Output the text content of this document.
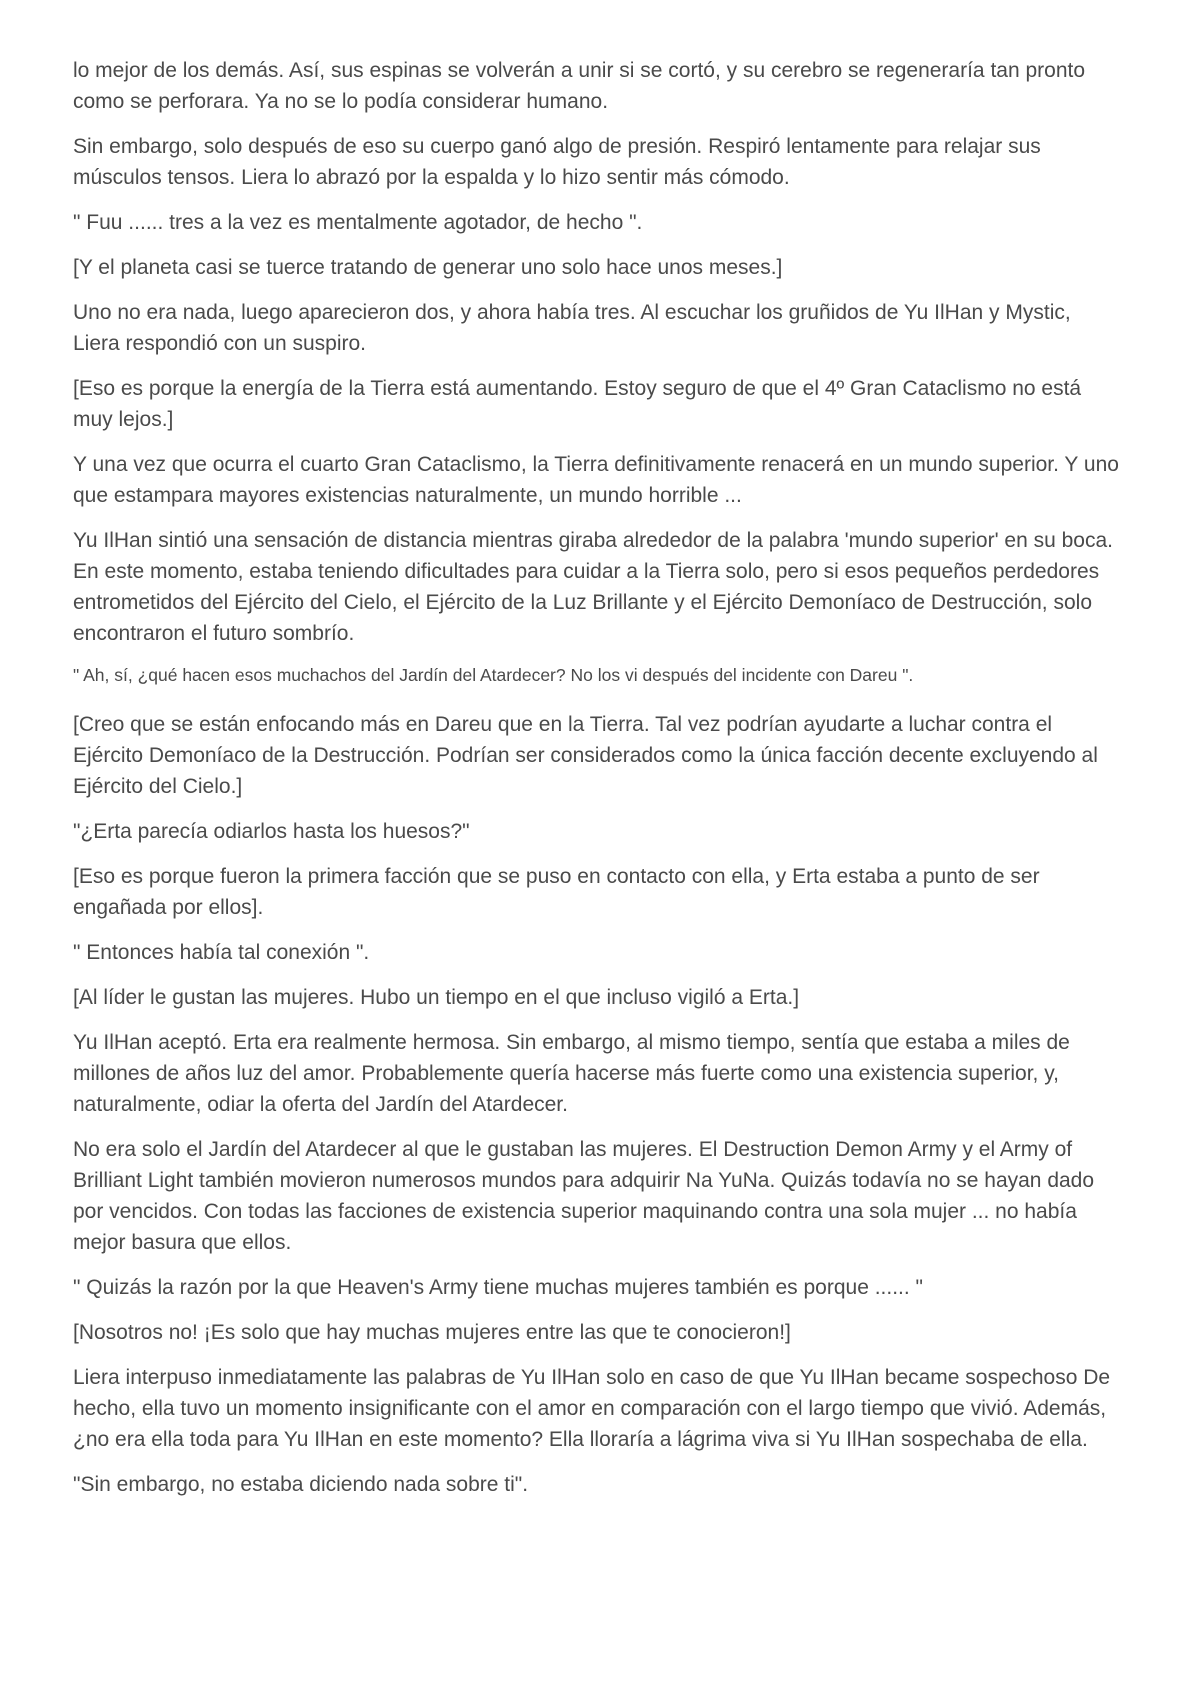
lo mejor de los demás. Así, sus espinas se volverán a unir si se cortó, y su cerebro se regeneraría tan pronto como se perforara. Ya no se lo podía considerar humano.

Sin embargo, solo después de eso su cuerpo ganó algo de presión. Respiró lentamente para relajar sus músculos tensos. Liera lo abrazó por la espalda y lo hizo sentir más cómodo.

" Fuu ...... tres a la vez es mentalmente agotador, de hecho ".

[Y el planeta casi se tuerce tratando de generar uno solo hace unos meses.]

Uno no era nada, luego aparecieron dos, y ahora había tres. Al escuchar los gruñidos de Yu IlHan y Mystic, Liera respondió con un suspiro.

[Eso es porque la energía de la Tierra está aumentando. Estoy seguro de que el 4º Gran Cataclismo no está muy lejos.]

Y una vez que ocurra el cuarto Gran Cataclismo, la Tierra definitivamente renacerá en un mundo superior. Y uno que estampara mayores existencias naturalmente, un mundo horrible ...

Yu IlHan sintió una sensación de distancia mientras giraba alrededor de la palabra 'mundo superior' en su boca. En este momento, estaba teniendo dificultades para cuidar a la Tierra solo, pero si esos pequeños perdedores entrometidos del Ejército del Cielo, el Ejército de la Luz Brillante y el Ejército Demoníaco de Destrucción, solo encontraron el futuro sombrío.

" Ah, sí, ¿qué hacen esos muchachos del Jardín del Atardecer? No los vi después del incidente con Dareu ".

[Creo que se están enfocando más en Dareu que en la Tierra. Tal vez podrían ayudarte a luchar contra el Ejército Demoníaco de la Destrucción. Podrían ser considerados como la única facción decente excluyendo al Ejército del Cielo.]

"¿Erta parecía odiarlos hasta los huesos?"

[Eso es porque fueron la primera facción que se puso en contacto con ella, y Erta estaba a punto de ser engañada por ellos].

" Entonces había tal conexión ".

[Al líder le gustan las mujeres. Hubo un tiempo en el que incluso vigiló a Erta.]

Yu IlHan aceptó. Erta era realmente hermosa. Sin embargo, al mismo tiempo, sentía que estaba a miles de millones de años luz del amor. Probablemente quería hacerse más fuerte como una existencia superior, y, naturalmente, odiar la oferta del Jardín del Atardecer.

No era solo el Jardín del Atardecer al que le gustaban las mujeres. El Destruction Demon Army y el Army of Brilliant Light también movieron numerosos mundos para adquirir Na YuNa. Quizás todavía no se hayan dado por vencidos. Con todas las facciones de existencia superior maquinando contra una sola mujer ... no había mejor basura que ellos.

" Quizás la razón por la que Heaven's Army tiene muchas mujeres también es porque ...... "

[Nosotros no! ¡Es solo que hay muchas mujeres entre las que te conocieron!]

Liera interpuso inmediatamente las palabras de Yu IlHan solo en caso de que Yu IlHan became sospechoso De hecho, ella tuvo un momento insignificante con el amor en comparación con el largo tiempo que vivió. Además, ¿no era ella toda para Yu IlHan en este momento? Ella lloraría a lágrima viva si Yu IlHan sospechaba de ella.

"Sin embargo, no estaba diciendo nada sobre ti".
